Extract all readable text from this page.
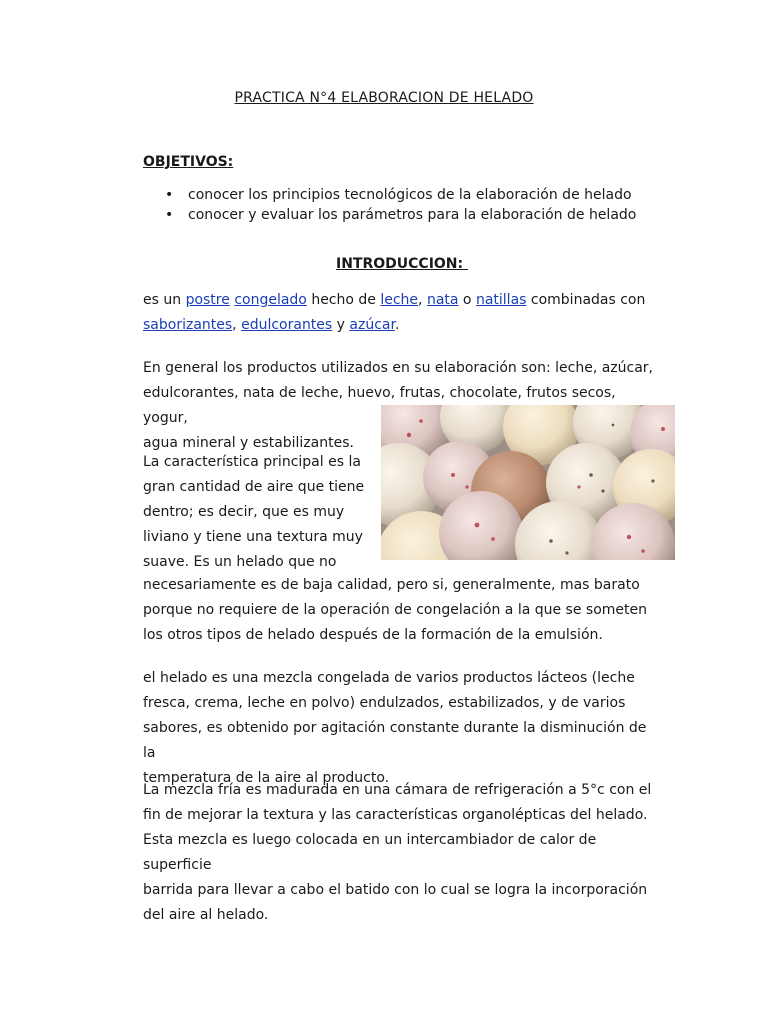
PRACTICA N°4 ELABORACION DE HELADO
OBJETIVOS:
• conocer los principios tecnológicos de la elaboración de helado
• conocer y evaluar los parámetros para la elaboración de helado
INTRODUCCION:

es un postre congelado hecho de leche, nata o natillas combinadas con
saborizantes, edulcorantes y azúcar.

En general los productos utilizados en su elaboración son: leche, azúcar,
edulcorantes, nata de leche, huevo, frutas, chocolate, frutos secos, yogur,
agua mineral y estabilizantes.

La característica principal es la
gran cantidad de aire que tiene
dentro; es decir, que es muy
liviano y tiene una textura muy
suave. Es un helado que no

necesariamente es de baja calidad, pero si, generalmente, mas barato
porque no requiere de la operación de congelación a la que se someten
los otros tipos de helado después de la formación de la emulsión.

el helado es una mezcla congelada de varios productos lácteos (leche
fresca, crema, leche en polvo) endulzados, estabilizados, y de varios
sabores, es obtenido por agitación constante durante la disminución de la
temperatura de la aire al producto.

La mezcla fría es madurada en una cámara de refrigeración a 5°c con el
fin de mejorar la textura y las características organolépticas del helado.
Esta mezcla es luego colocada en un intercambiador de calor de superficie
barrida para llevar a cabo el batido con lo cual se logra la incorporación
del aire al helado.
